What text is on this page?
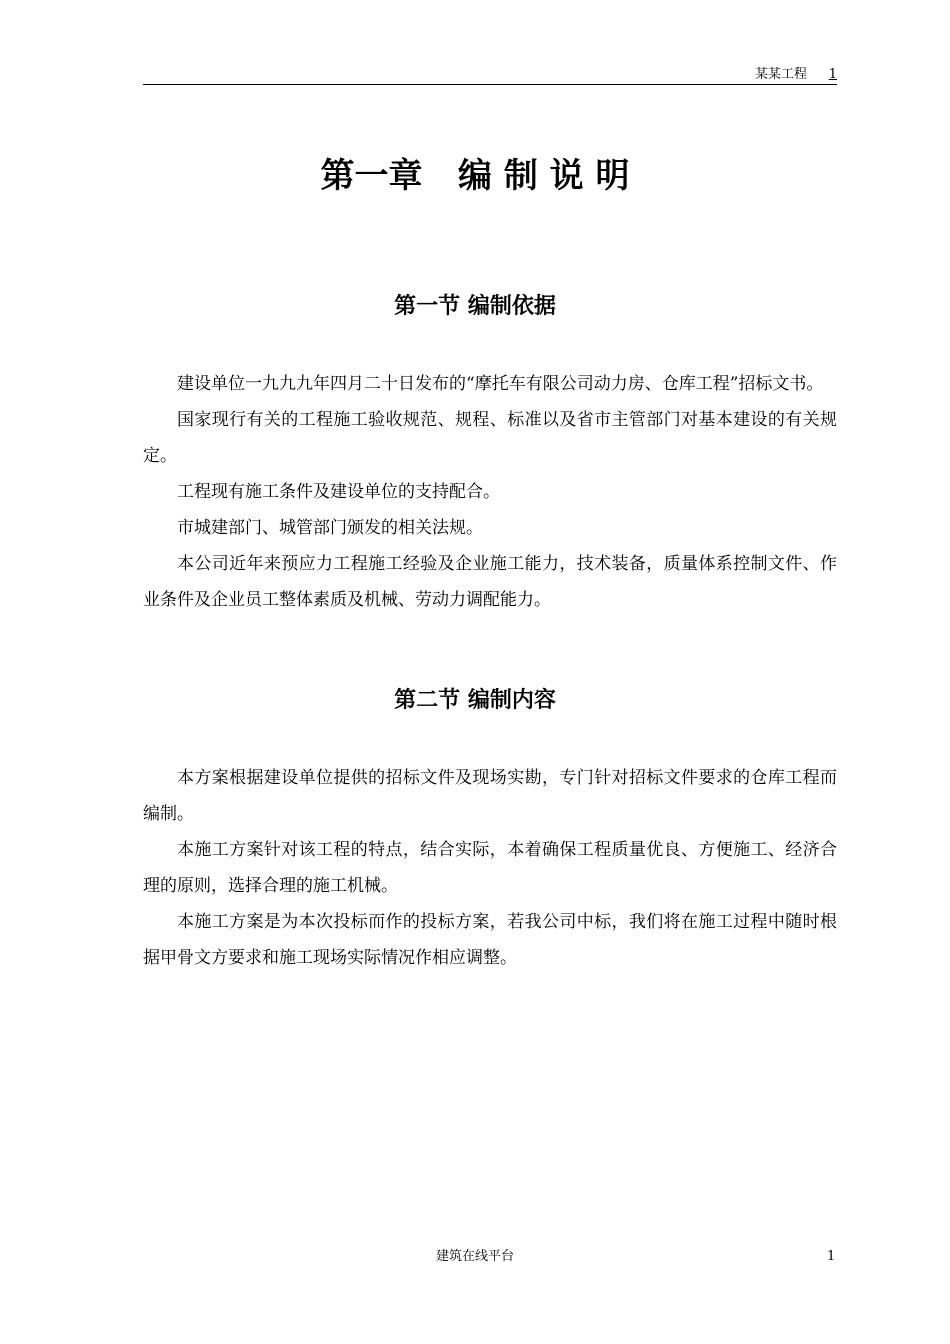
某某工程 1
第一章   编 制 说 明
第一节 编制依据

建设单位一九九九年四月二十日发布的“摩托车有限公司动力房、仓库工程”招标文书。

国家现行有关的工程施工验收规范、规程、标准以及省市主管部门对基本建设的有关规定。

工程现有施工条件及建设单位的支持配合。

市城建部门、城管部门颁发的相关法规。

本公司近年来预应力工程施工经验及企业施工能力，技术装备，质量体系控制文件、作业条件及企业员工整体素质及机械、劳动力调配能力。

第二节 编制内容

本方案根据建设单位提供的招标文件及现场实勘，专门针对招标文件要求的仓库工程而编制。

本施工方案针对该工程的特点，结合实际，本着确保工程质量优良、方便施工、经济合理的原则，选择合理的施工机械。

本施工方案是为本次投标而作的投标方案，若我公司中标，我们将在施工过程中随时根据甲骨文方要求和施工现场实际情况作相应调整。

建筑在线平台	1
